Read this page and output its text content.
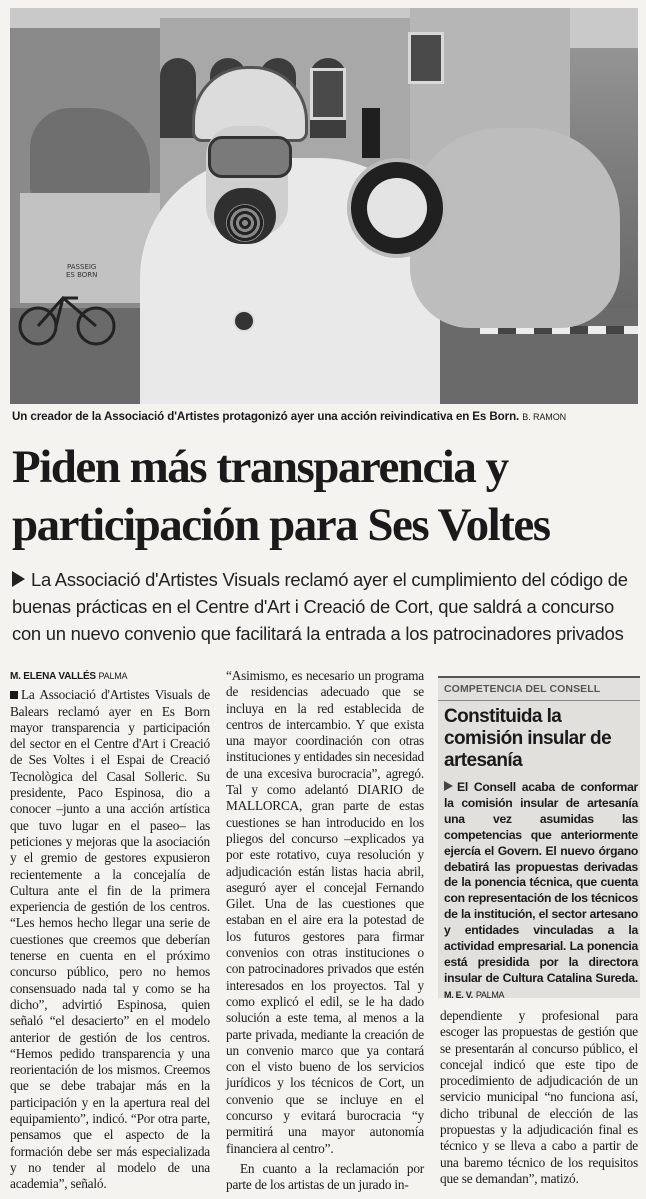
PASSEIG
ES BORN
Un creador de la Associació d'Artistes protagonizó ayer una acción reivindicativa en Es Born. B. RAMON
Piden más transparencia y
participación para Ses Voltes
La Associació d'Artistes Visuals reclamó ayer el cumplimiento del código de buenas prácticas en el Centre d'Art i Creació de Cort, que saldrá a concurso con un nuevo convenio que facilitará la entrada a los patrocinadores privados
M. ELENA VALLÉS PALMA

La Associació d'Artistes Visuals de Balears reclamó ayer en Es Born mayor transparencia y participación del sector en el Centre d'Art i Creació de Ses Voltes i el Espai de Creació Tecnològica del Casal Solleric. Su presidente, Paco Espinosa, dio a conocer –junto a una acción artística que tuvo lugar en el paseo– las peticiones y mejoras que la asociación y el gremio de gestores expusieron recientemente a la concejalía de Cultura ante el fin de la primera experiencia de gestión de los centros. “Les hemos hecho llegar una serie de cuestiones que creemos que deberían tenerse en cuenta en el próximo concurso público, pero no hemos consensuado nada tal y como se ha dicho”, advirtió Espinosa, quien señaló “el desacierto” en el modelo anterior de gestión de los centros. “Hemos pedido transparencia y una reorientación de los mismos. Creemos que se debe trabajar más en la participación y en la apertura real del equipamiento”, indicó. “Por otra parte, pensamos que el aspecto de la formación debe ser más especializada y no tender al modelo de una academia”, señaló.

“Asimismo, es necesario un programa de residencias adecuado que se incluya en la red establecida de centros de intercambio. Y que exista una mayor coordinación con otras instituciones y entidades sin necesidad de una excesiva burocracia”, agregó. Tal y como adelantó DIARIO de MALLORCA, gran parte de estas cuestiones se han introducido en los pliegos del concurso –explicados ya por este rotativo, cuya resolución y adjudicación están listas hacia abril, aseguró ayer el concejal Fernando Gilet. Una de las cuestiones que estaban en el aire era la potestad de los futuros gestores para firmar convenios con otras instituciones o con patrocinadores privados que estén interesados en los proyectos. Tal y como explicó el edil, se le ha dado solución a este tema, al menos a la parte privada, mediante la creación de un convenio marco que ya contará con el visto bueno de los servicios jurídicos y los técnicos de Cort, un convenio que se incluye en el concurso y evitará burocracia “y permitirá una mayor autonomía financiera al centro”.

En cuanto a la reclamación por parte de los artistas de un jurado in-

COMPETENCIA DEL CONSELL
Constituida la comisión insular de artesanía
El Consell acaba de conformar la comisión insular de artesanía una vez asumidas las competencias que anteriormente ejercía el Govern. El nuevo órgano debatirá las propuestas derivadas de la ponencia técnica, que cuenta con representación de los técnicos de la institución, el sector artesano y entidades vinculadas a la actividad empresarial. La ponencia está presidida por la directora insular de Cultura Catalina Sureda. M. E. V. PALMA

dependiente y profesional para escoger las propuestas de gestión que se presentarán al concurso público, el concejal indicó que este tipo de procedimiento de adjudicación de un servicio municipal “no funciona así, dicho tribunal de elección de las propuestas y la adjudicación final es técnico y se lleva a cabo a partir de una baremo técnico de los requisitos que se demandan”, matizó.
